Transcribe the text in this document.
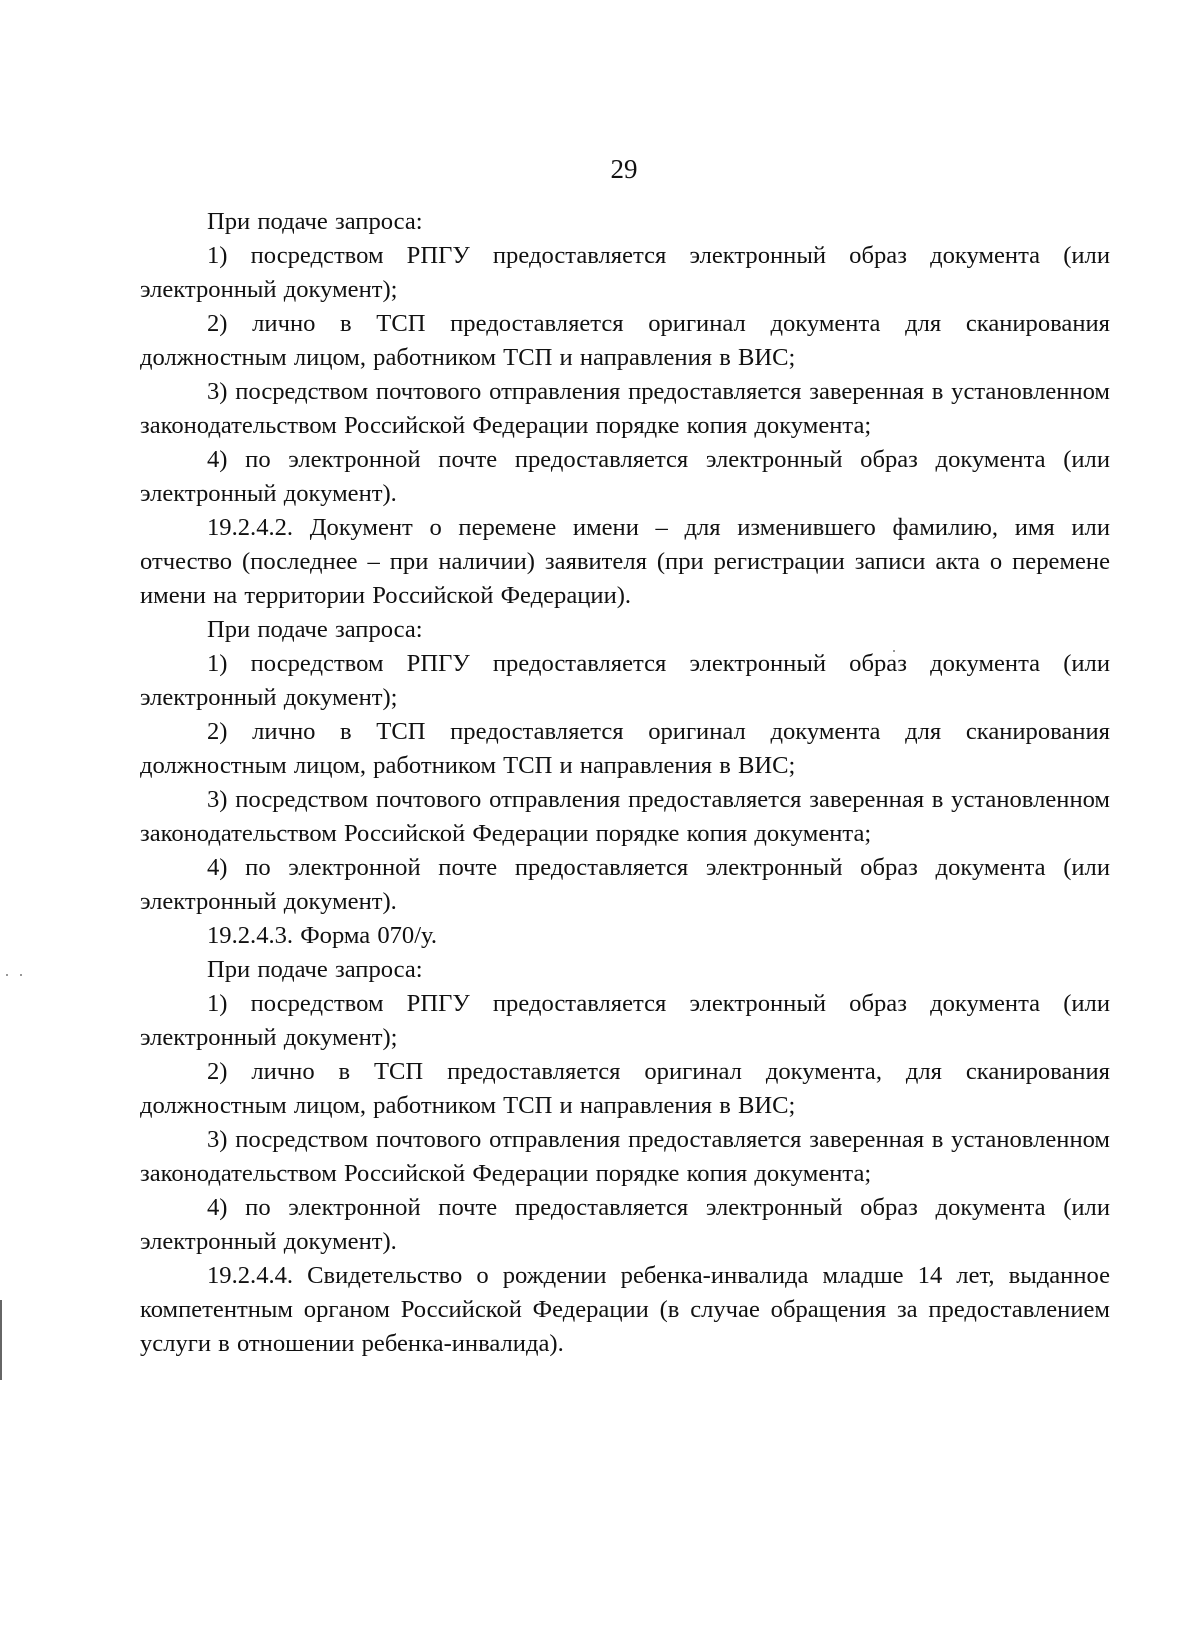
29

При подаче запроса:

1) посредством РПГУ предоставляется электронный образ документа (или электронный документ);

2) лично в ТСП предоставляется оригинал документа для сканирования должностным лицом, работником ТСП и направления в ВИС;

3) посредством почтового отправления предоставляется заверенная в установленном законодательством Российской Федерации порядке копия документа;

4) по электронной почте предоставляется электронный образ документа (или электронный документ).

19.2.4.2. Документ о перемене имени – для изменившего фамилию, имя или отчество (последнее – при наличии) заявителя (при регистрации записи акта о перемене имени на территории Российской Федерации).

При подаче запроса:

1) посредством РПГУ предоставляется электронный образ документа (или электронный документ);

2) лично в ТСП предоставляется оригинал документа для сканирования должностным лицом, работником ТСП и направления в ВИС;

3) посредством почтового отправления предоставляется заверенная в установленном законодательством Российской Федерации порядке копия документа;

4) по электронной почте предоставляется электронный образ документа (или электронный документ).

19.2.4.3. Форма 070/у.

При подаче запроса:

1) посредством РПГУ предоставляется электронный образ документа (или электронный документ);

2) лично в ТСП предоставляется оригинал документа, для сканирования должностным лицом, работником ТСП и направления в ВИС;

3) посредством почтового отправления предоставляется заверенная в установленном законодательством Российской Федерации порядке копия документа;

4) по электронной почте предоставляется электронный образ документа (или электронный документ).

19.2.4.4. Свидетельство о рождении ребенка-инвалида младше 14 лет, выданное компетентным органом Российской Федерации (в случае обращения за предоставлением услуги в отношении ребенка-инвалида).
